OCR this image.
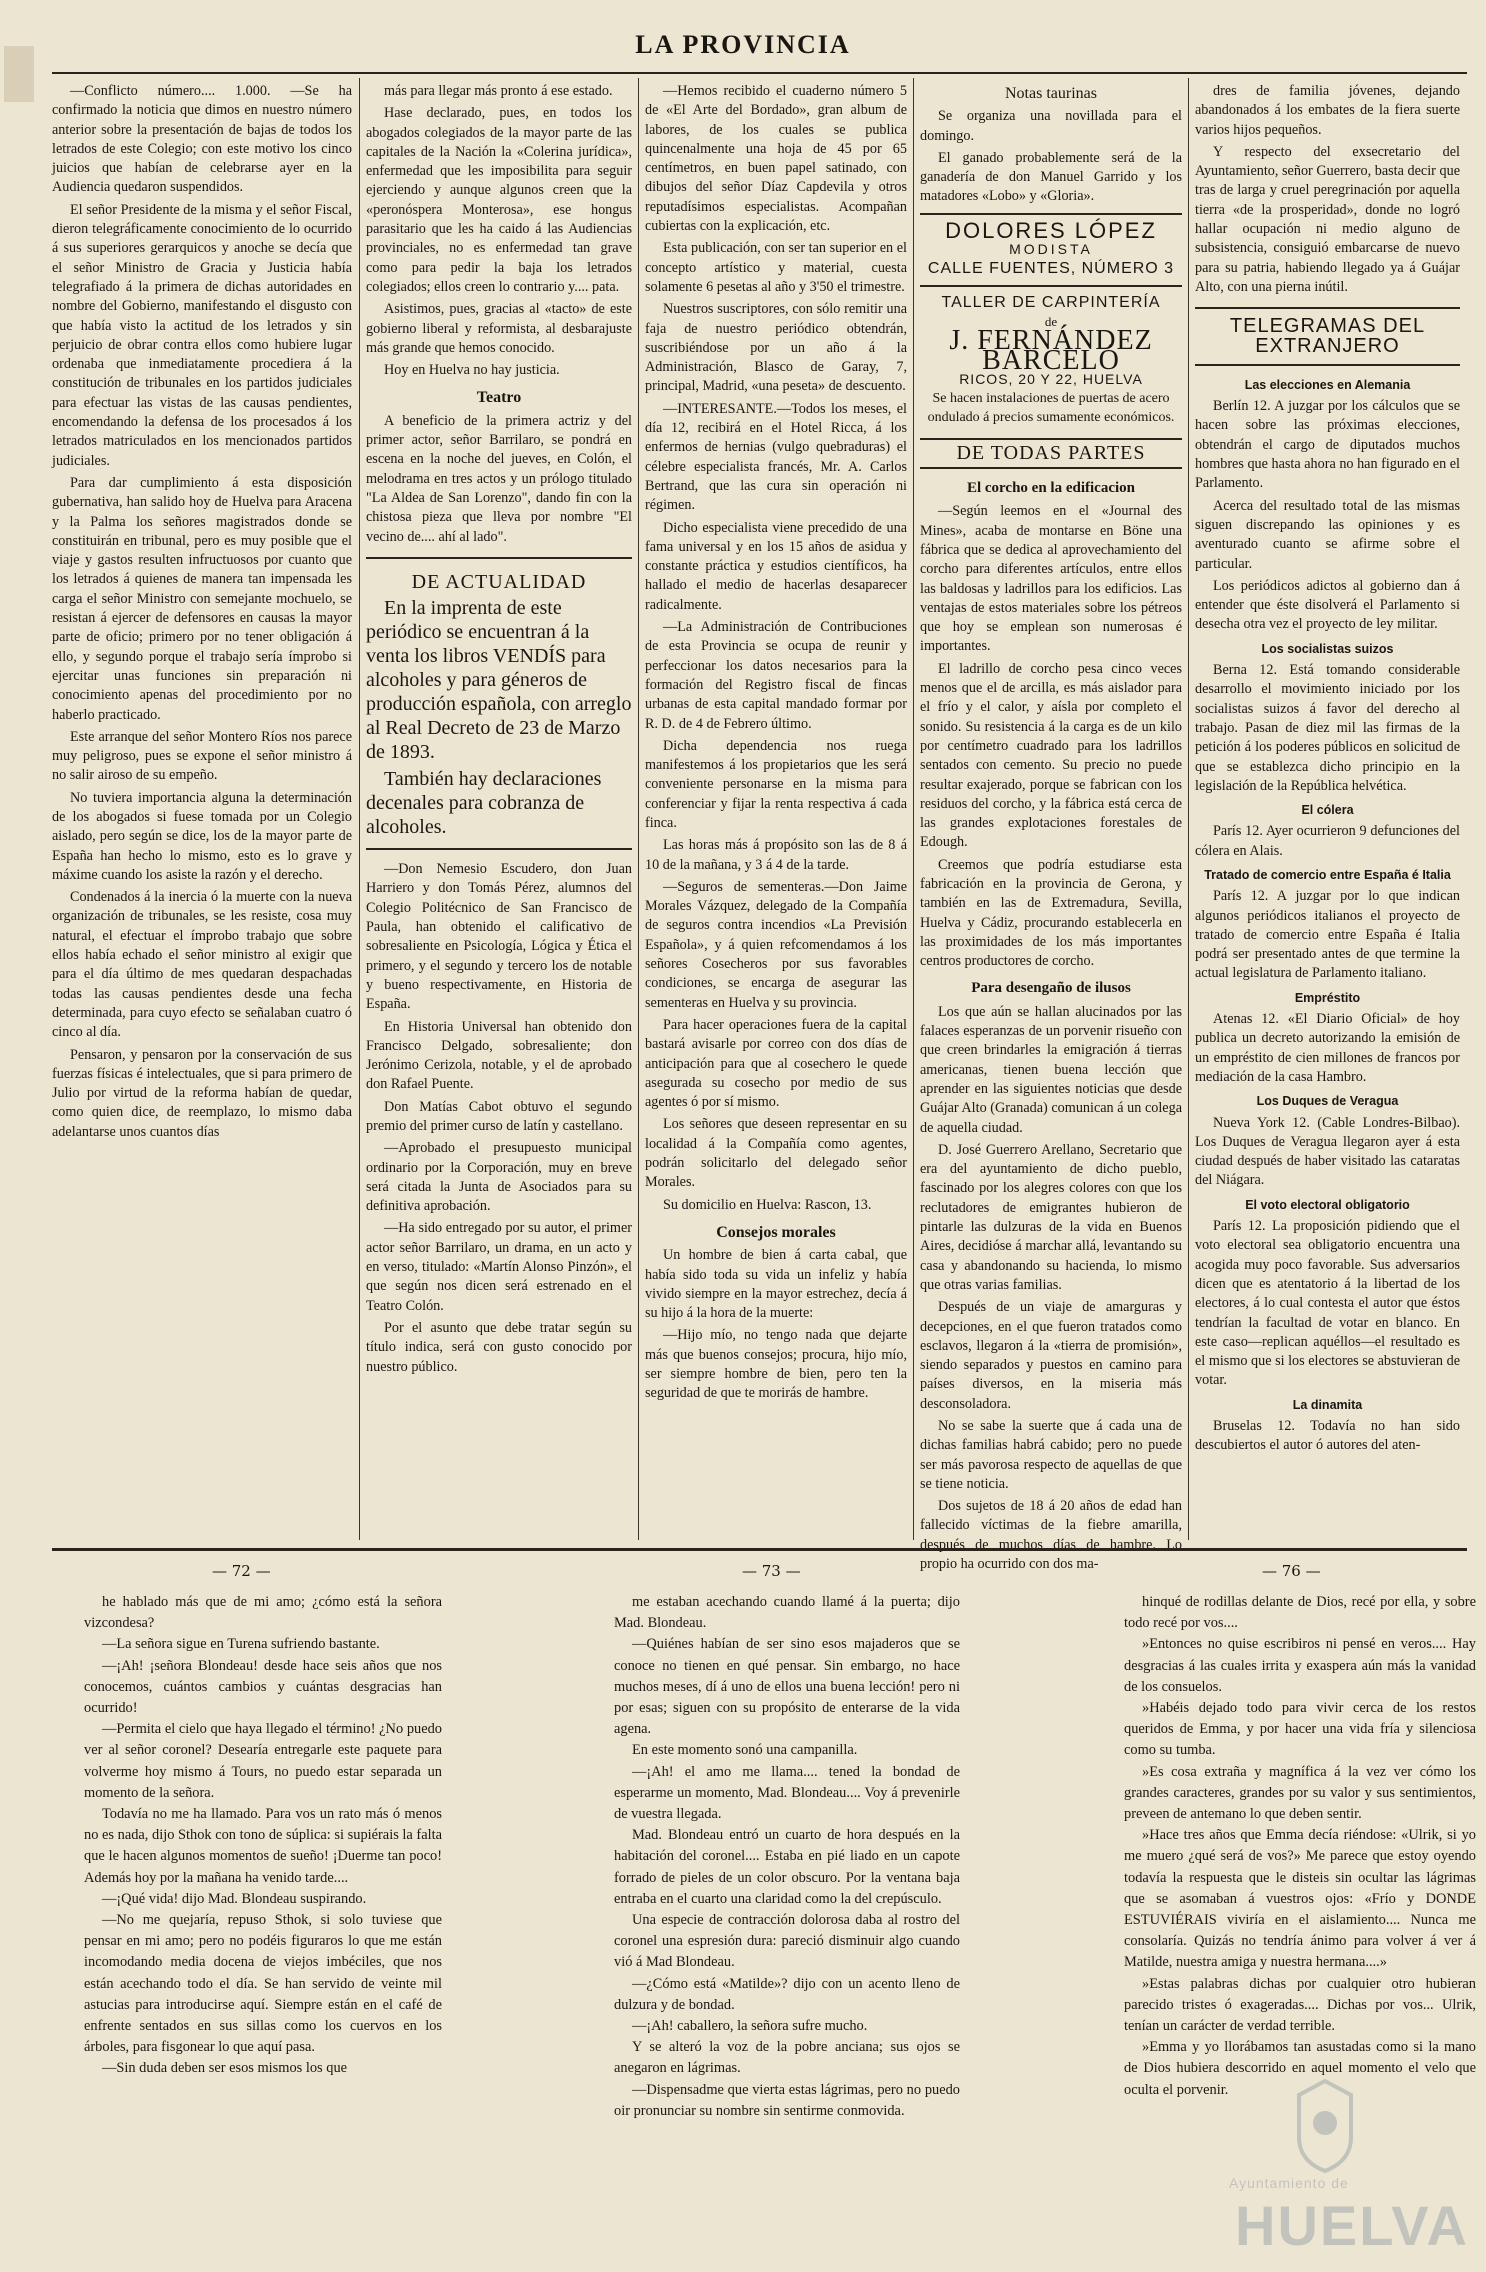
LA PROVINCIA

—Conflicto número.... 1.000. —Se ha confirmado la noticia que dimos en nuestro número anterior sobre la presentación de bajas de todos los letrados de este Colegio; con este motivo los cinco juicios que habían de celebrarse ayer en la Audiencia quedaron suspendidos.

El señor Presidente de la misma y el señor Fiscal, dieron telegráficamente conocimiento de lo ocurrido á sus superiores gerarquicos y anoche se decía que el señor Ministro de Gracia y Justicia había telegrafiado á la primera de dichas autoridades en nombre del Gobierno, manifestando el disgusto con que había visto la actitud de los letrados y sin perjuicio de obrar contra ellos como hubiere lugar ordenaba que inmediatamente procediera á la constitución de tribunales en los partidos judiciales para efectuar las vistas de las causas pendientes, encomendando la defensa de los procesados á los letrados matriculados en los mencionados partidos judiciales.

Para dar cumplimiento á esta disposición gubernativa, han salido hoy de Huelva para Aracena y la Palma los señores magistrados donde se constituirán en tribunal, pero es muy posible que el viaje y gastos resulten infructuosos por cuanto que los letrados á quienes de manera tan impensada les carga el señor Ministro con semejante mochuelo, se resistan á ejercer de defensores en causas la mayor parte de oficio; primero por no tener obligación á ello, y segundo porque el trabajo sería ímprobo si ejercitar unas funciones sin preparación ni conocimiento apenas del procedimiento por no haberlo practicado.

Este arranque del señor Montero Ríos nos parece muy peligroso, pues se expone el señor ministro á no salir airoso de su empeño.

No tuviera importancia alguna la determinación de los abogados si fuese tomada por un Colegio aislado, pero según se dice, los de la mayor parte de España han hecho lo mismo, esto es lo grave y máxime cuando los asiste la razón y el derecho.

Condenados á la inercia ó la muerte con la nueva organización de tribunales, se les resiste, cosa muy natural, el efectuar el ímprobo trabajo que sobre ellos había echado el señor ministro al exigir que para el día último de mes quedaran despachadas todas las causas pendientes desde una fecha determinada, para cuyo efecto se señalaban cuatro ó cinco al día.

Pensaron, y pensaron por la conservación de sus fuerzas físicas é intelectuales, que si para primero de Julio por virtud de la reforma habían de quedar, como quien dice, de reemplazo, lo mismo daba adelantarse unos cuantos días

más para llegar más pronto á ese estado.

Hase declarado, pues, en todos los abogados colegiados de la mayor parte de las capitales de la Nación la «Colerina jurídica», enfermedad que les imposibilita para seguir ejerciendo y aunque algunos creen que la «peronóspera Monterosa», ese hongus parasitario que les ha caido á las Audiencias provinciales, no es enfermedad tan grave como para pedir la baja los letrados colegiados; ellos creen lo contrario y.... pata.

Asistimos, pues, gracias al «tacto» de este gobierno liberal y reformista, al desbarajuste más grande que hemos conocido.

Hoy en Huelva no hay justicia.

Teatro

A beneficio de la primera actriz y del primer actor, señor Barrilaro, se pondrá en escena en la noche del jueves, en Colón, el melodrama en tres actos y un prólogo titulado "La Aldea de San Lorenzo", dando fin con la chistosa pieza que lleva por nombre "El vecino de.... ahí al lado".

DE ACTUALIDAD

En la imprenta de este periódico se encuentran á la venta los libros VENDÍS para alcoholes y para géneros de producción española, con arreglo al Real Decreto de 23 de Marzo de 1893.

También hay declaraciones decenales para cobranza de alcoholes.

—Don Nemesio Escudero, don Juan Harriero y don Tomás Pérez, alumnos del Colegio Politécnico de San Francisco de Paula, han obtenido el calificativo de sobresaliente en Psicología, Lógica y Ética el primero, y el segundo y tercero los de notable y bueno respectivamente, en Historia de España.

En Historia Universal han obtenido don Francisco Delgado, sobresaliente; don Jerónimo Cerizola, notable, y el de aprobado don Rafael Puente.

Don Matías Cabot obtuvo el segundo premio del primer curso de latín y castellano.

—Aprobado el presupuesto municipal ordinario por la Corporación, muy en breve será citada la Junta de Asociados para su definitiva aprobación.

—Ha sido entregado por su autor, el primer actor señor Barrilaro, un drama, en un acto y en verso, titulado: «Martín Alonso Pinzón», el que según nos dicen será estrenado en el Teatro Colón.

Por el asunto que debe tratar según su título indica, será con gusto conocido por nuestro público.

—Hemos recibido el cuaderno número 5 de «El Arte del Bordado», gran album de labores, de los cuales se publica quincenalmente una hoja de 45 por 65 centímetros, en buen papel satinado, con dibujos del señor Díaz Capdevila y otros reputadísimos especialistas. Acompañan cubiertas con la explicación, etc.

Esta publicación, con ser tan superior en el concepto artístico y material, cuesta solamente 6 pesetas al año y 3'50 el trimestre.

Nuestros suscriptores, con sólo remitir una faja de nuestro periódico obtendrán, suscribiéndose por un año á la Administración, Blasco de Garay, 7, principal, Madrid, «una peseta» de descuento.

—INTERESANTE.—Todos los meses, el día 12, recibirá en el Hotel Ricca, á los enfermos de hernias (vulgo quebraduras) el célebre especialista francés, Mr. A. Carlos Bertrand, que las cura sin operación ni régimen.

Dicho especialista viene precedido de una fama universal y en los 15 años de asidua y constante práctica y estudios científicos, ha hallado el medio de hacerlas desaparecer radicalmente.

—La Administración de Contribuciones de esta Provincia se ocupa de reunir y perfeccionar los datos necesarios para la formación del Registro fiscal de fincas urbanas de esta capital mandado formar por R. D. de 4 de Febrero último.

Dicha dependencia nos ruega manifestemos á los propietarios que les será conveniente personarse en la misma para conferenciar y fijar la renta respectiva á cada finca.

Las horas más á propósito son las de 8 á 10 de la mañana, y 3 á 4 de la tarde.

—Seguros de sementeras.—Don Jaime Morales Vázquez, delegado de la Compañía de seguros contra incendios «La Previsión Española», y á quien refcomendamos á los señores Cosecheros por sus favorables condiciones, se encarga de asegurar las sementeras en Huelva y su provincia.

Para hacer operaciones fuera de la capital bastará avisarle por correo con dos días de anticipación para que al cosechero le quede asegurada su cosecho por medio de sus agentes ó por sí mismo.

Los señores que deseen representar en su localidad á la Compañía como agentes, podrán solicitarlo del delegado señor Morales.

Su domicilio en Huelva: Rascon, 13.

Consejos morales

Un hombre de bien á carta cabal, que había sido toda su vida un infeliz y había vivido siempre en la mayor estrechez, decía á su hijo á la hora de la muerte:

—Hijo mío, no tengo nada que dejarte más que buenos consejos; procura, hijo mío, ser siempre hombre de bien, pero ten la seguridad de que te morirás de hambre.

Notas taurinas

Se organiza una novillada para el domingo.

El ganado probablemente será de la ganadería de don Manuel Garrido y los matadores «Lobo» y «Gloria».

DOLORES LÓPEZ
MODISTA
CALLE FUENTES, NÚMERO 3
TALLER DE CARPINTERÍA
de
J. FERNÁNDEZ BARCELÓ
RICOS, 20 Y 22, HUELVA

Se hacen instalaciones de puertas de acero ondulado á precios sumamente económicos.

DE TODAS PARTES
El corcho en la edificacion

—Según leemos en el «Journal des Mines», acaba de montarse en Böne una fábrica que se dedica al aprovechamiento del corcho para diferentes artículos, entre ellos las baldosas y ladrillos para los edificios. Las ventajas de estos materiales sobre los pétreos que hoy se emplean son numerosas é importantes.

El ladrillo de corcho pesa cinco veces menos que el de arcilla, es más aislador para el frío y el calor, y aísla por completo el sonido. Su resistencia á la carga es de un kilo por centímetro cuadrado para los ladrillos sentados con cemento. Su precio no puede resultar exajerado, porque se fabrican con los residuos del corcho, y la fábrica está cerca de las grandes explotaciones forestales de Edough.

Creemos que podría estudiarse esta fabricación en la provincia de Gerona, y también en las de Extremadura, Sevilla, Huelva y Cádiz, procurando establecerla en las proximidades de los más importantes centros productores de corcho.

Para desengaño de ilusos

Los que aún se hallan alucinados por las falaces esperanzas de un porvenir risueño con que creen brindarles la emigración á tierras americanas, tienen buena lección que aprender en las siguientes noticias que desde Guájar Alto (Granada) comunican á un colega de aquella ciudad.

D. José Guerrero Arellano, Secretario que era del ayuntamiento de dicho pueblo, fascinado por los alegres colores con que los reclutadores de emigrantes hubieron de pintarle las dulzuras de la vida en Buenos Aires, decidióse á marchar allá, levantando su casa y abandonando su hacienda, lo mismo que otras varias familias.

Después de un viaje de amarguras y decepciones, en el que fueron tratados como esclavos, llegaron á la «tierra de promisión», siendo separados y puestos en camino para países diversos, en la miseria más desconsoladora.

No se sabe la suerte que á cada una de dichas familias habrá cabido; pero no puede ser más pavorosa respecto de aquellas de que se tiene noticia.

Dos sujetos de 18 á 20 años de edad han fallecido víctimas de la fiebre amarilla, después de muchos días de hambre. Lo propio ha ocurrido con dos ma-

dres de familia jóvenes, dejando abandonados á los embates de la fiera suerte varios hijos pequeños.

Y respecto del exsecretario del Ayuntamiento, señor Guerrero, basta decir que tras de larga y cruel peregrinación por aquella tierra «de la prosperidad», donde no logró hallar ocupación ni medio alguno de subsistencia, consiguió embarcarse de nuevo para su patria, habiendo llegado ya á Guájar Alto, con una pierna inútil.

TELEGRAMAS DEL EXTRANJERO
Las elecciones en Alemania

Berlín 12. A juzgar por los cálculos que se hacen sobre las próximas elecciones, obtendrán el cargo de diputados muchos hombres que hasta ahora no han figurado en el Parlamento.

Acerca del resultado total de las mismas siguen discrepando las opiniones y es aventurado cuanto se afirme sobre el particular.

Los periódicos adictos al gobierno dan á entender que éste disolverá el Parlamento si desecha otra vez el proyecto de ley militar.

Los socialistas suizos

Berna 12. Está tomando considerable desarrollo el movimiento iniciado por los socialistas suizos á favor del derecho al trabajo. Pasan de diez mil las firmas de la petición á los poderes públicos en solicitud de que se establezca dicho principio en la legislación de la República helvética.

El cólera

París 12. Ayer ocurrieron 9 defunciones del cólera en Alais.

Tratado de comercio entre España é Italia

París 12. A juzgar por lo que indican algunos periódicos italianos el proyecto de tratado de comercio entre España é Italia podrá ser presentado antes de que termine la actual legislatura de Parlamento italiano.

Empréstito

Atenas 12. «El Diario Oficial» de hoy publica un decreto autorizando la emisión de un empréstito de cien millones de francos por mediación de la casa Hambro.

Los Duques de Veragua

Nueva York 12. (Cable Londres-Bilbao). Los Duques de Veragua llegaron ayer á esta ciudad después de haber visitado las cataratas del Niágara.

El voto electoral obligatorio

París 12. La proposición pidiendo que el voto electoral sea obligatorio encuentra una acogida muy poco favorable. Sus adversarios dicen que es atentatorio á la libertad de los electores, á lo cual contesta el autor que éstos tendrían la facultad de votar en blanco. En este caso—replican aquéllos—el resultado es el mismo que si los electores se abstuvieran de votar.

La dinamita

Bruselas 12. Todavía no han sido descubiertos el autor ó autores del aten-

— 72 —	— 73 —	— 76 —

he hablado más que de mi amo; ¿cómo está la señora vizcondesa?

—La señora sigue en Turena sufriendo bastante.

—¡Ah! ¡señora Blondeau! desde hace seis años que nos conocemos, cuántos cambios y cuántas desgracias han ocurrido!

—Permita el cielo que haya llegado el término! ¿No puedo ver al señor coronel? Desearía entregarle este paquete para volverme hoy mismo á Tours, no puedo estar separada un momento de la señora.

Todavía no me ha llamado. Para vos un rato más ó menos no es nada, dijo Sthok con tono de súplica: si supiérais la falta que le hacen algunos momentos de sueño! ¡Duerme tan poco! Además hoy por la mañana ha venido tarde....

—¡Qué vida! dijo Mad. Blondeau suspirando.

—No me quejaría, repuso Sthok, si solo tuviese que pensar en mi amo; pero no podéis figuraros lo que me están incomodando media docena de viejos imbéciles, que nos están acechando todo el día. Se han servido de veinte mil astucias para introducirse aquí. Siempre están en el café de enfrente sentados en sus sillas como los cuervos en los árboles, para fisgonear lo que aquí pasa.

—Sin duda deben ser esos mismos los que

me estaban acechando cuando llamé á la puerta; dijo Mad. Blondeau.

—Quiénes habían de ser sino esos majaderos que se conoce no tienen en qué pensar. Sin embargo, no hace muchos meses, dí á uno de ellos una buena lección! pero ni por esas; siguen con su propósito de enterarse de la vida agena.

En este momento sonó una campanilla.

—¡Ah! el amo me llama.... tened la bondad de esperarme un momento, Mad. Blondeau.... Voy á prevenirle de vuestra llegada.

Mad. Blondeau entró un cuarto de hora después en la habitación del coronel.... Estaba en pié liado en un capote forrado de pieles de un color obscuro. Por la ventana baja entraba en el cuarto una claridad como la del crepúsculo.

Una especie de contracción dolorosa daba al rostro del coronel una espresión dura: pareció disminuir algo cuando vió á Mad Blondeau.

—¿Cómo está «Matilde»? dijo con un acento lleno de dulzura y de bondad.

—¡Ah! caballero, la señora sufre mucho.

Y se alteró la voz de la pobre anciana; sus ojos se anegaron en lágrimas.

—Dispensadme que vierta estas lágrimas, pero no puedo oir pronunciar su nombre sin sentirme conmovida.

hinqué de rodillas delante de Dios, recé por ella, y sobre todo recé por vos....

»Entonces no quise escribiros ni pensé en veros.... Hay desgracias á las cuales irrita y exaspera aún más la vanidad de los consuelos.

»Habéis dejado todo para vivir cerca de los restos queridos de Emma, y por hacer una vida fría y silenciosa como su tumba.

»Es cosa extraña y magnífica á la vez ver cómo los grandes caracteres, grandes por su valor y sus sentimientos, preveen de antemano lo que deben sentir.

»Hace tres años que Emma decía riéndose: «Ulrik, si yo me muero ¿qué será de vos?» Me parece que estoy oyendo todavía la respuesta que le disteis sin ocultar las lágrimas que se asomaban á vuestros ojos: «Frío y DONDE ESTUVIÉRAIS viviría en el aislamiento.... Nunca me consolaría. Quizás no tendría ánimo para volver á ver á Matilde, nuestra amiga y nuestra hermana....»

»Estas palabras dichas por cualquier otro hubieran parecido tristes ó exageradas.... Dichas por vos... Ulrik, tenían un carácter de verdad terrible.

»Emma y yo llorábamos tan asustadas como si la mano de Dios hubiera descorrido en aquel momento el velo que oculta el porvenir.

Ayuntamiento de
HUELVA
